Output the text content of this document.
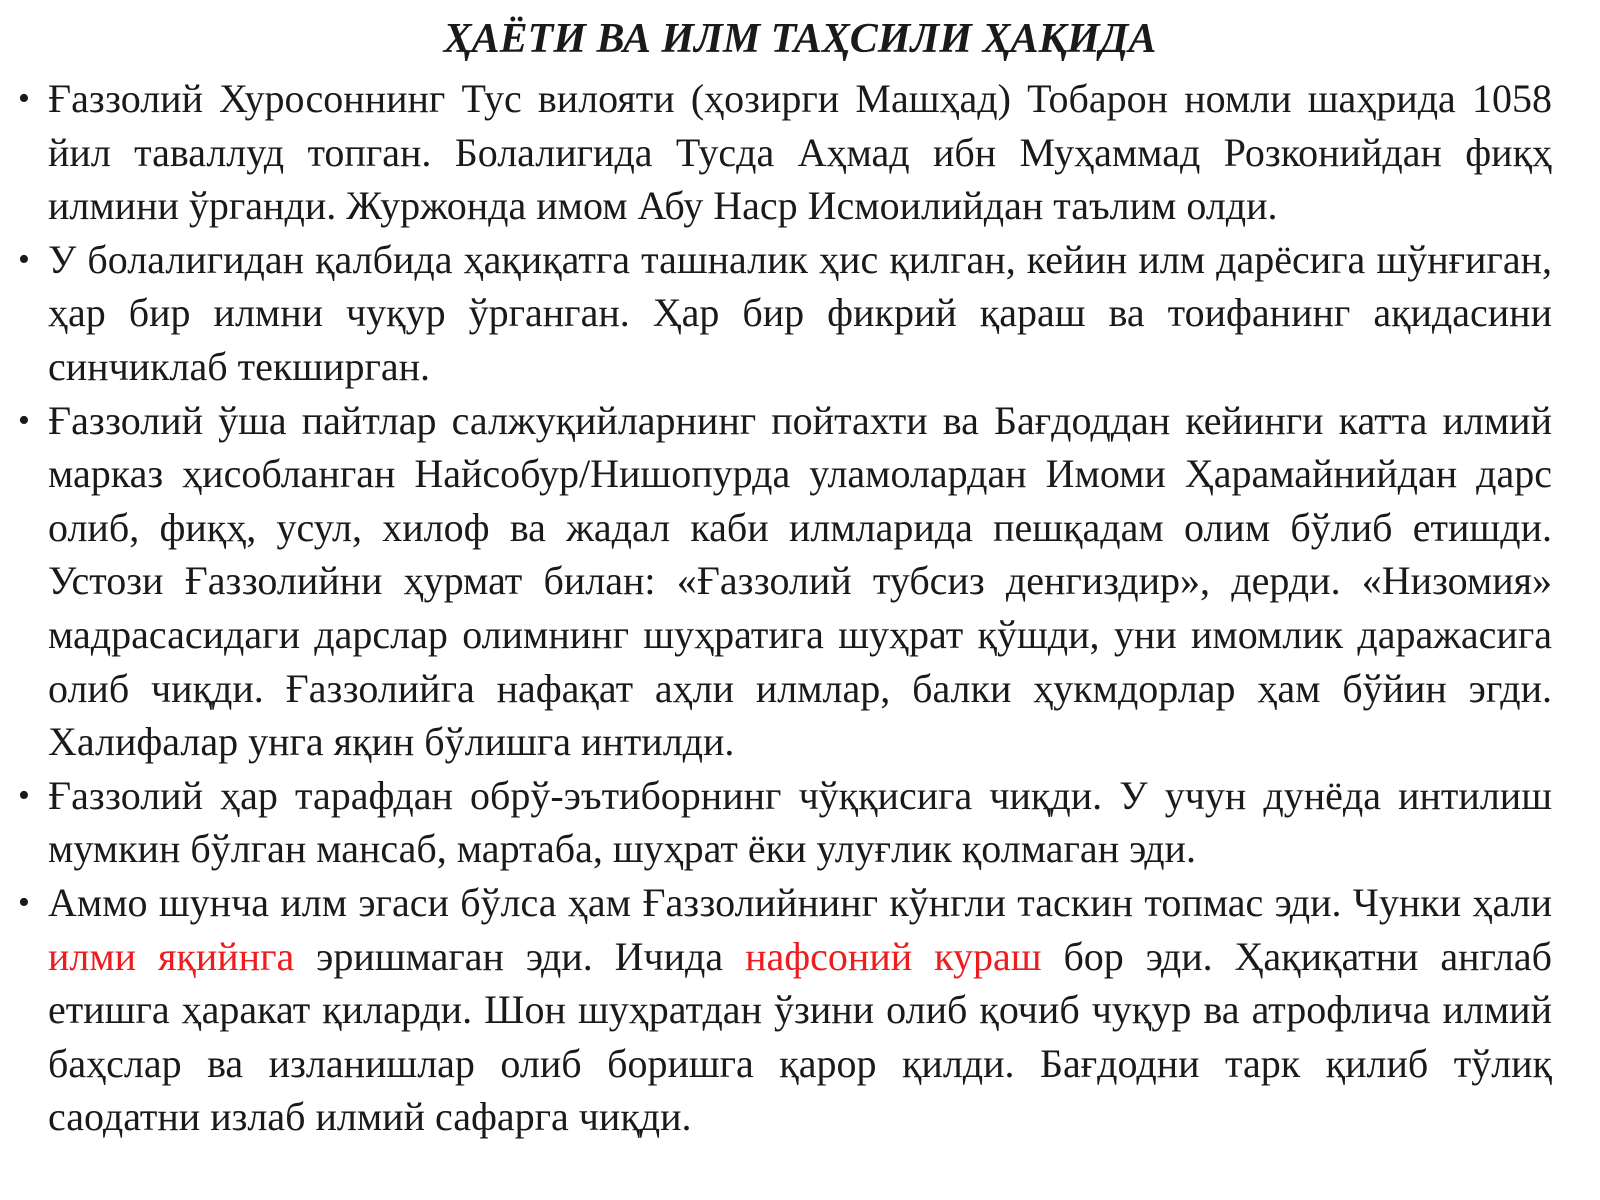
ҲАЁТИ ВА ИЛМ ТАҲСИЛИ ҲАҚИДА
• Ғаззолий Хуросоннинг Тус вилояти (ҳозирги Машҳад) Тобарон номли шаҳрида 1058 йил таваллуд топган. Болалигида Тусда Аҳмад ибн Муҳаммад Розконийдан фиқҳ илмини ўрганди. Журжонда имом Абу Наср Исмоилийдан таълим олди.
• У болалигидан қалбида ҳақиқатга ташналик ҳис қилган, кейин илм дарёсига шўнғиган, ҳар бир илмни чуқур ўрганган. Ҳар бир фикрий қараш ва тоифанинг ақидасини синчиклаб текширган.
• Ғаззолий ўша пайтлар салжуқийларнинг пойтахти ва Бағдоддан кейинги катта илмий марказ ҳисобланган Найсобур/Нишопурда уламолардан Имоми Ҳарамайнийдан дарс олиб, фиқҳ, усул, хилоф ва жадал каби илмларида пешқадам олим бўлиб етишди. Устози Ғаззолийни ҳурмат билан: «Ғаззолий тубсиз денгиздир», дерди. «Низомия» мадрасасидаги дарслар олимнинг шуҳратига шуҳрат қўшди, уни имомлик даражасига олиб чиқди. Ғаззолийга нафақат аҳли илмлар, балки ҳукмдорлар ҳам бўйин эгди. Халифалар унга яқин бўлишга интилди.
• Ғаззолий ҳар тарафдан обрў-эътиборнинг чўққисига чиқди. У учун дунёда интилиш мумкин бўлган мансаб, мартаба, шуҳрат ёки улуғлик қолмаган эди.
• Аммо шунча илм эгаси бўлса ҳам Ғаззолийнинг кўнгли таскин топмас эди. Чунки ҳали илми яқийнга эришмаган эди. Ичида нафсоний кураш бор эди. Ҳақиқатни англаб етишга ҳаракат қиларди. Шон шуҳратдан ўзини олиб қочиб чуқур ва атрофлича илмий баҳслар ва изланишлар олиб боришга қарор қилди. Бағдодни тарк қилиб тўлиқ саодатни излаб илмий сафарга чиқди.
